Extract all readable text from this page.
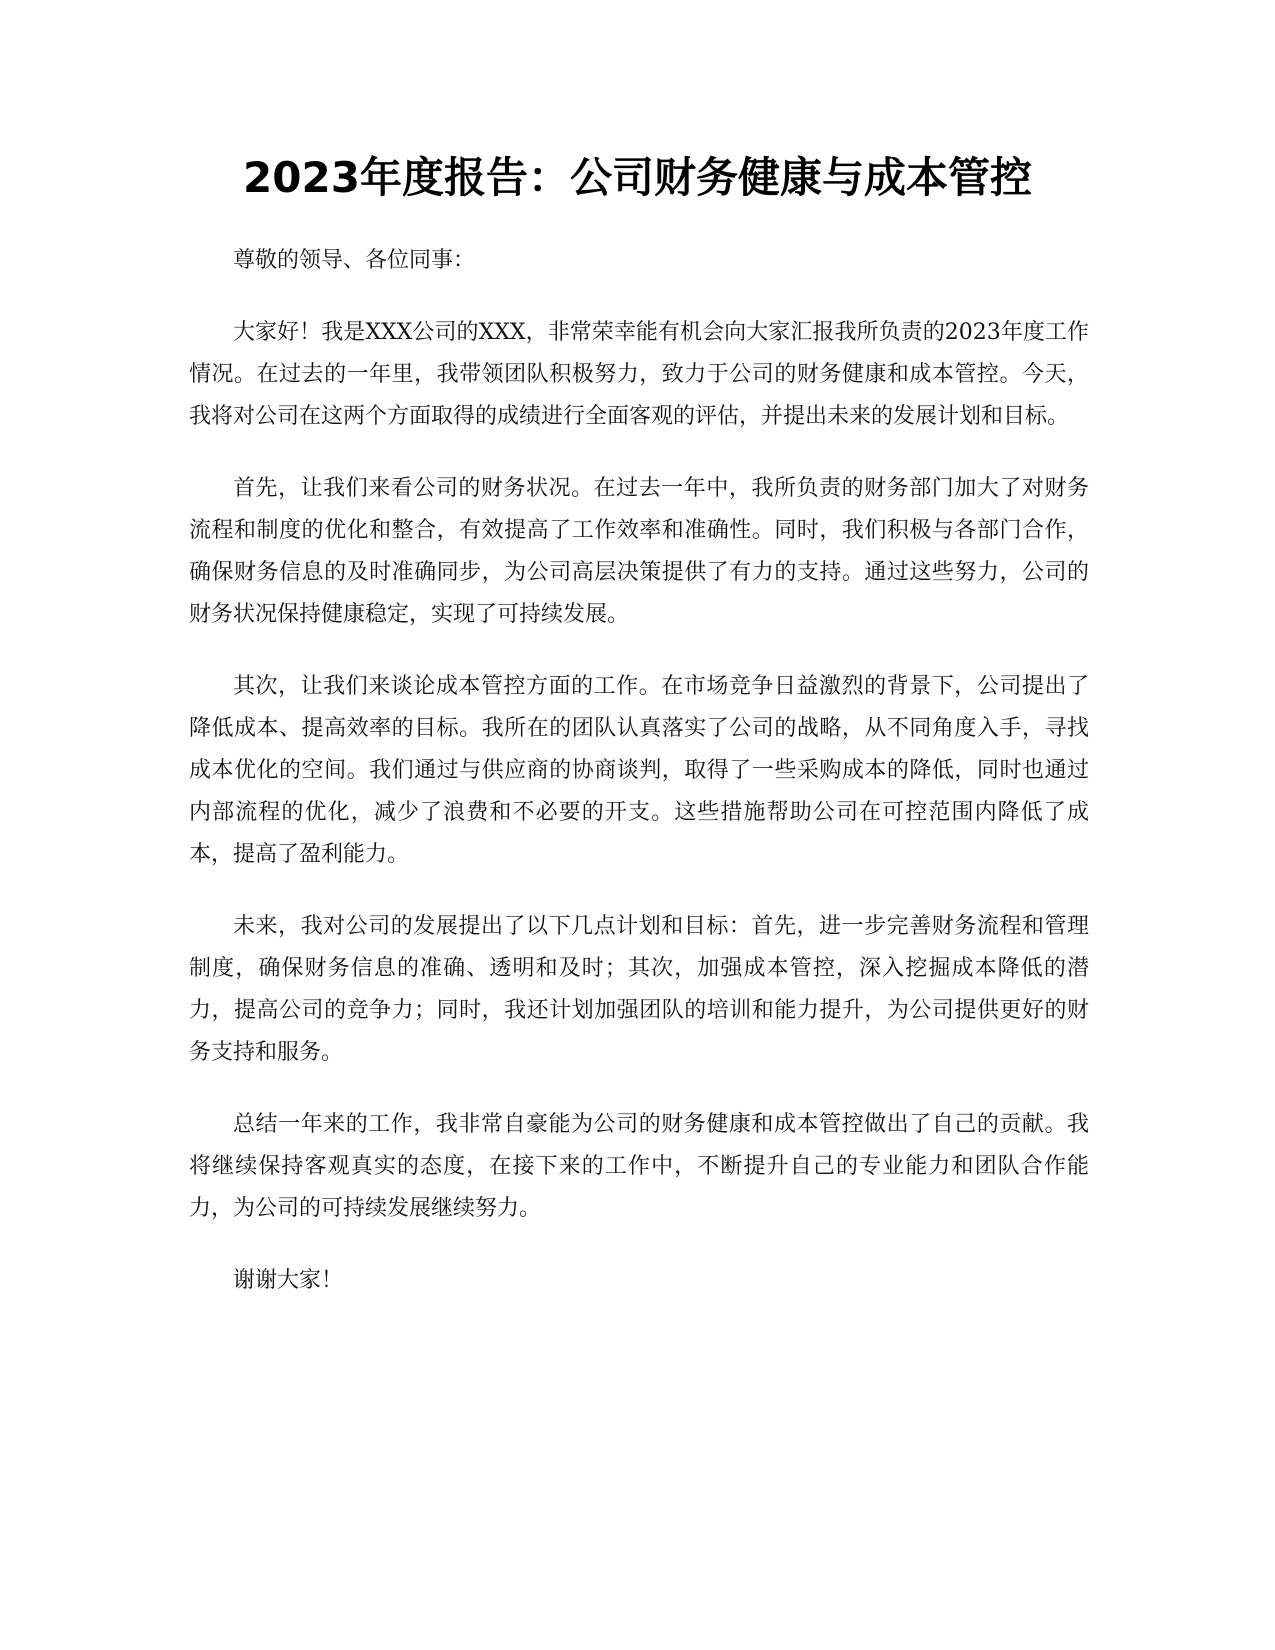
2023年度报告：公司财务健康与成本管控

尊敬的领导、各位同事：

大家好！我是XXX公司的XXX，非常荣幸能有机会向大家汇报我所负责的2023年度工作情况。在过去的一年里，我带领团队积极努力，致力于公司的财务健康和成本管控。今天，我将对公司在这两个方面取得的成绩进行全面客观的评估，并提出未来的发展计划和目标。

首先，让我们来看公司的财务状况。在过去一年中，我所负责的财务部门加大了对财务流程和制度的优化和整合，有效提高了工作效率和准确性。同时，我们积极与各部门合作，确保财务信息的及时准确同步，为公司高层决策提供了有力的支持。通过这些努力，公司的财务状况保持健康稳定，实现了可持续发展。

其次，让我们来谈论成本管控方面的工作。在市场竞争日益激烈的背景下，公司提出了降低成本、提高效率的目标。我所在的团队认真落实了公司的战略，从不同角度入手，寻找成本优化的空间。我们通过与供应商的协商谈判，取得了一些采购成本的降低，同时也通过内部流程的优化，减少了浪费和不必要的开支。这些措施帮助公司在可控范围内降低了成本，提高了盈利能力。

未来，我对公司的发展提出了以下几点计划和目标：首先，进一步完善财务流程和管理制度，确保财务信息的准确、透明和及时；其次，加强成本管控，深入挖掘成本降低的潜力，提高公司的竞争力；同时，我还计划加强团队的培训和能力提升，为公司提供更好的财务支持和服务。

总结一年来的工作，我非常自豪能为公司的财务健康和成本管控做出了自己的贡献。我将继续保持客观真实的态度，在接下来的工作中，不断提升自己的专业能力和团队合作能力，为公司的可持续发展继续努力。

谢谢大家！
